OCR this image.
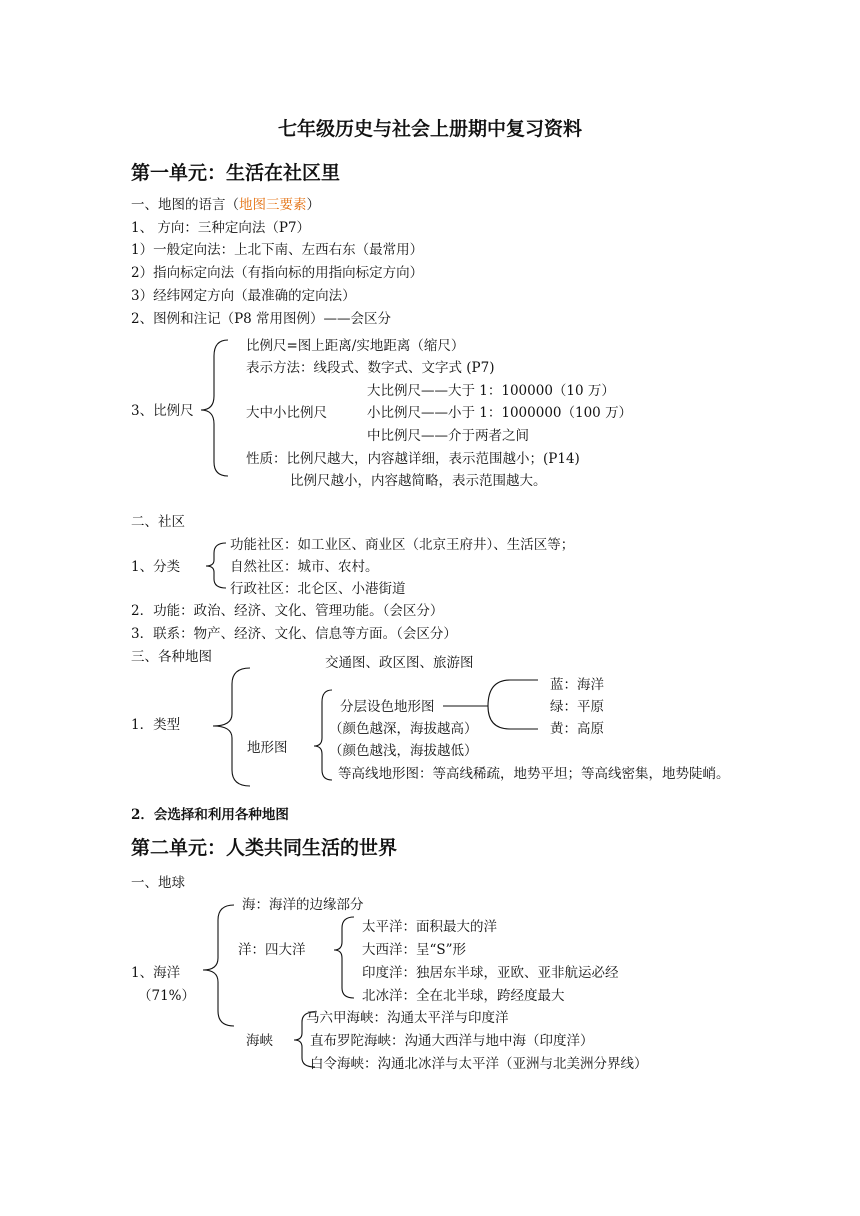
七年级历史与社会上册期中复习资料
第一单元：生活在社区里
一、地图的语言（地图三要素）
1、 方向：三种定向法（P7）
1）一般定向法：上北下南、左西右东（最常用）
2）指向标定向法（有指向标的用指向标定方向）
3）经纬网定方向（最准确的定向法）
2、图例和注记（P8 常用图例）——会区分
3、比例尺
比例尺=图上距离/实地距离（缩尺）
表示方法：线段式、数字式、文字式 (P7)
大中小比例尺
大比例尺——大于 1：100000（10 万）
小比例尺——小于 1：1000000（100 万）
中比例尺——介于两者之间
性质：比例尺越大，内容越详细，表示范围越小；(P14)
比例尺越小，内容越简略，表示范围越大。
二、社区
1、分类
功能社区：如工业区、商业区（北京王府井）、生活区等；
自然社区：城市、农村。
行政社区：北仑区、小港街道
2．功能：政治、经济、文化、管理功能。（会区分）
3．联系：物产、经济、文化、信息等方面。（会区分）
三、各种地图	交通图、政区图、旅游图
1．类型
地形图
分层设色地形图
（颜色越深，海拔越高）
（颜色越浅，海拔越低）
蓝：海洋
绿：平原
黄：高原
等高线地形图：等高线稀疏，地势平坦；等高线密集，地势陡峭。
2．会选择和利用各种地图
第二单元：人类共同生活的世界
一、地球
1、海洋
（71%）
海：海洋的边缘部分
洋：四大洋
太平洋：面积最大的洋
大西洋：呈“S”形
印度洋：独居东半球，亚欧、亚非航运必经
北冰洋：全在北半球，跨经度最大
海峡
马六甲海峡：沟通太平洋与印度洋
直布罗陀海峡：沟通大西洋与地中海（印度洋）
白令海峡：沟通北冰洋与太平洋（亚洲与北美洲分界线）
